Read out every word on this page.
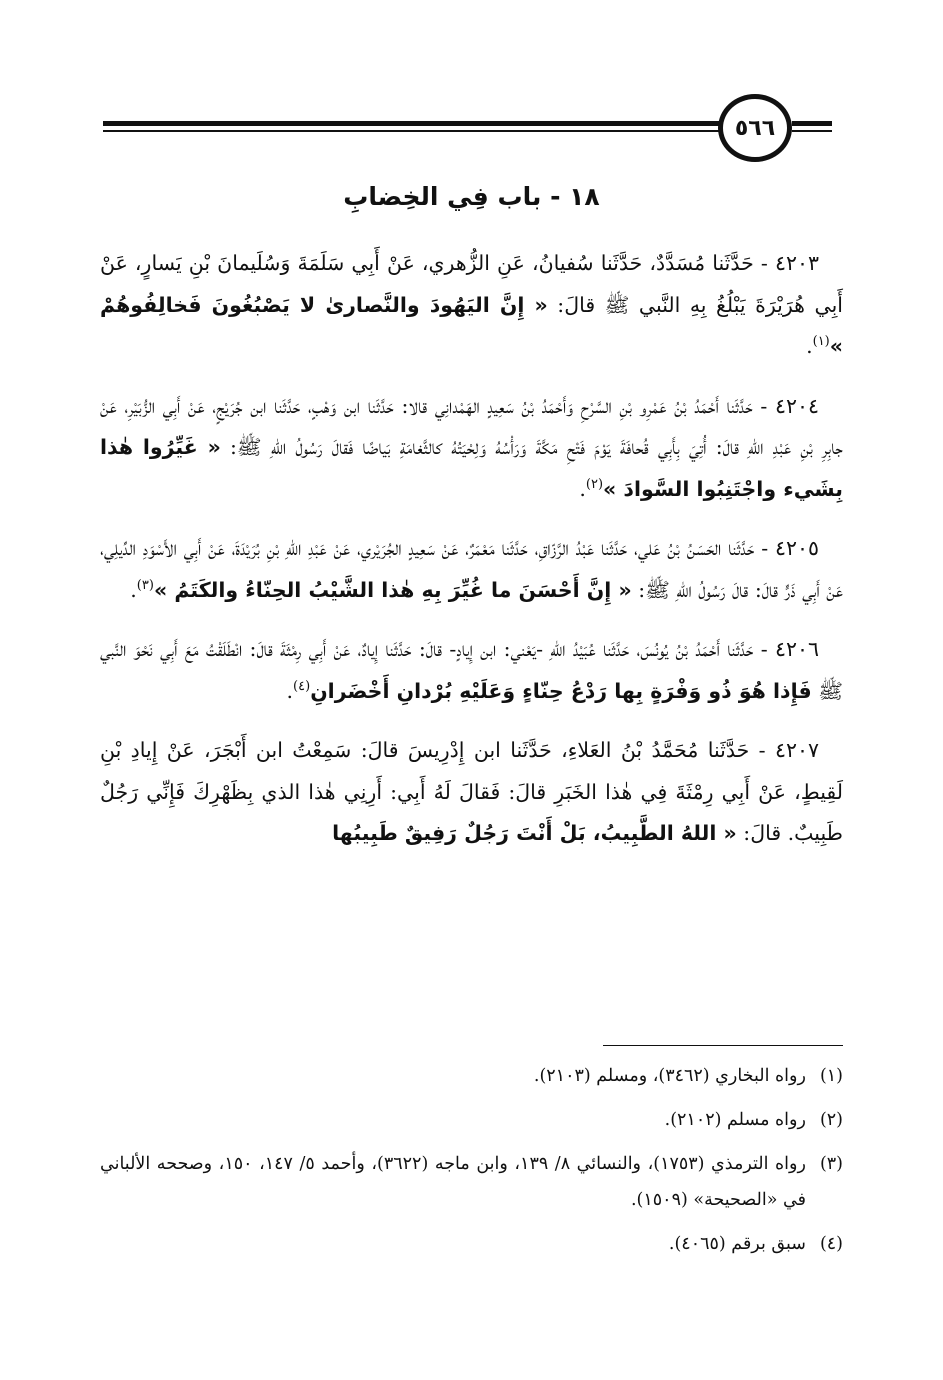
٥٦٦
١٨ - باب فِي الخِضابِ

٤٢٠٣ - حَدَّثَنا مُسَدَّدٌ، حَدَّثَنا سُفيانُ، عَنِ الزُّهري، عَنْ أَبِي سَلَمَةَ وَسُلَيمانَ بْنِ يَسارٍ، عَنْ أَبِي هُرَيْرَةَ يَبْلُغُ بِهِ النَّبي ﷺ قالَ: « إِنَّ اليَهُودَ والنَّصارىٰ لا يَصْبُغُونَ فَخالِفُوهُمْ »$^{(١)}$.

٤٢٠٤ - حَدَّثَنا أَحْمَدُ بْنُ عَمْرِو بْنِ السَّرْحِ وَأَحْمَدُ بْنُ سَعِيدٍ الهَمْدانِي قالا: حَدَّثَنا ابن وَهْبٍ، حَدَّثَنا ابن جُرَيْجٍ، عَنْ أَبِي الزُّبَيْرِ، عَنْ جابِرِ بْنِ عَبْدِ اللهِ قالَ: أُتِيَ بِأَبِي قُحافَةَ يَوْمَ فَتْحِ مَكَّةَ وَرَأْسُهُ وَلِحْيَتُهُ كالثَّغامَةِ بَياضًا فَقالَ رَسُولُ اللهِ ﷺ: « غَيِّرُوا هٰذا بِشَيء واجْتَنِبُوا السَّوادَ »$^{(٢)}$.

٤٢٠٥ - حَدَّثَنا الحَسَنُ بْنُ عَلي، حَدَّثَنا عَبْدُ الرَّزّاقِ، حَدَّثَنا مَعْمَرٌ، عَنْ سَعِيدٍ الجُرَيْري، عَنْ عَبْدِ اللهِ بْنِ بُرَيْدَةَ، عَنْ أَبِي الأَسْوَدِ الدِّيلِي، عَنْ أَبِي ذَرٍّ قالَ: قالَ رَسُولُ اللهِ ﷺ: « إِنَّ أَحْسَنَ ما غُيِّرَ بِهِ هٰذا الشَّيْبُ الحِنّاءُ والكَتَمُ »$^{(٣)}$.

٤٢٠٦ - حَدَّثَنا أَحْمَدُ بْنُ يُونُسَ، حَدَّثَنا عُبَيْدُ اللهِ -يَعْني: ابن إِيادٍ- قالَ: حَدَّثَنا إِيادٌ، عَنْ أَبِي رِمْثَةَ قالَ: انْطَلَقْتُ مَعَ أَبِي نَحْوَ النَّبي ﷺ فَإِذا هُوَ ذُو وَفْرَةٍ بِها رَدْعُ حِنّاءٍ وَعَلَيْهِ بُرْدانِ أَخْضَرانِ$^{(٤)}$.

٤٢٠٧ - حَدَّثَنا مُحَمَّدُ بْنُ العَلاءِ، حَدَّثَنا ابن إِدْرِيسَ قالَ: سَمِعْتُ ابن أَبْجَرَ، عَنْ إِيادِ بْنِ لَقِيطٍ، عَنْ أَبِي رِمْثَةَ فِي هٰذا الخَبَرِ قالَ: فَقالَ لَهُ أَبِي: أَرِنِي هٰذا الذي بِظَهْرِكَ فَإِنِّي رَجُلٌ طَبِيبٌ. قالَ: « اللهُ الطَّبِيبُ، بَلْ أَنْتَ رَجُلٌ رَفِيقٌ طَبِيبُها

(١)
رواه البخاري (٣٤٦٢)، ومسلم (٢١٠٣).
(٢)
رواه مسلم (٢١٠٢).
(٣)
رواه الترمذي (١٧٥٣)، والنسائي ٨/ ١٣٩، وابن ماجه (٣٦٢٢)، وأحمد ٥/ ١٤٧، ١٥٠، وصححه الألباني في «الصحيحة» (١٥٠٩).
(٤)
سبق برقم (٤٠٦٥).
